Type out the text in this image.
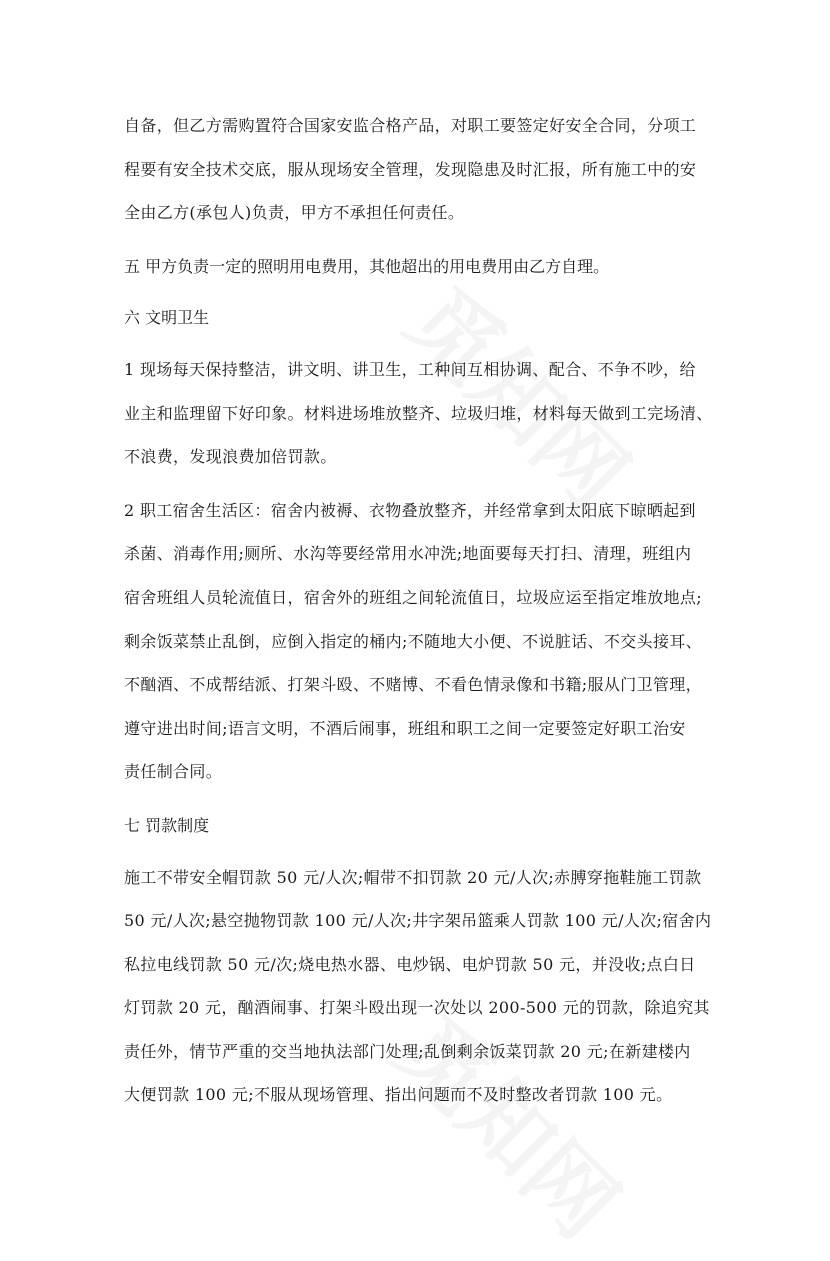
自备，但乙方需购置符合国家安监合格产品，对职工要签定好安全合同，分项工
程要有安全技术交底，服从现场安全管理，发现隐患及时汇报，所有施工中的安
全由乙方(承包人)负责，甲方不承担任何责任。

五 甲方负责一定的照明用电费用，其他超出的用电费用由乙方自理。

六 文明卫生

1 现场每天保持整洁，讲文明、讲卫生，工种间互相协调、配合、不争不吵，给
业主和监理留下好印象。材料进场堆放整齐、垃圾归堆，材料每天做到工完场清、
不浪费，发现浪费加倍罚款。

2 职工宿舍生活区：宿舍内被褥、衣物叠放整齐，并经常拿到太阳底下晾晒起到
杀菌、消毒作用;厕所、水沟等要经常用水冲洗;地面要每天打扫、清理，班组内
宿舍班组人员轮流值日，宿舍外的班组之间轮流值日，垃圾应运至指定堆放地点;
剩余饭菜禁止乱倒，应倒入指定的桶内;不随地大小便、不说脏话、不交头接耳、
不酗酒、不成帮结派、打架斗殴、不赌博、不看色情录像和书籍;服从门卫管理，
遵守进出时间;语言文明，不酒后闹事，班组和职工之间一定要签定好职工治安
责任制合同。

七 罚款制度

施工不带安全帽罚款 50 元/人次;帽带不扣罚款 20 元/人次;赤膊穿拖鞋施工罚款
50 元/人次;悬空抛物罚款 100 元/人次;井字架吊篮乘人罚款 100 元/人次;宿舍内
私拉电线罚款 50 元/次;烧电热水器、电炒锅、电炉罚款 50 元，并没收;点白日
灯罚款 20 元，酗酒闹事、打架斗殴出现一次处以 200-500 元的罚款，除追究其
责任外，情节严重的交当地执法部门处理;乱倒剩余饭菜罚款 20 元;在新建楼内
大便罚款 100 元;不服从现场管理、指出问题而不及时整改者罚款 100 元。
